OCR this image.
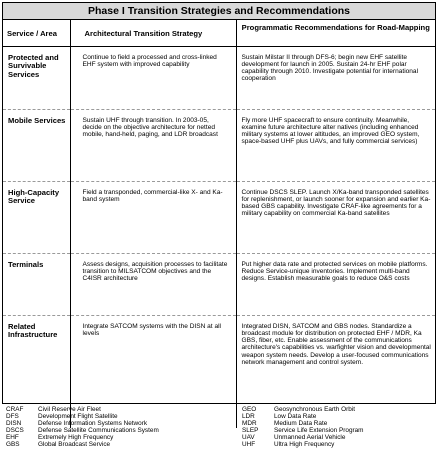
Phase I Transition Strategies and Recommendations
Service / Area	Architectural Transition Strategy	Programmatic Recommendations for Road-Mapping
Protected and Survivable Services	Continue to field a processed and cross-linked EHF system with improved capability	Sustain Milstar II through DFS-6; begin new EHF satellite development for launch in 2005. Sustain 24-hr EHF polar capability through 2010. Investigate potential for international cooperation
Mobile Services	Sustain UHF through transition. In 2003-05, decide on the objective architecture for netted mobile, hand-held, paging, and LDR broadcast	Fly more UHF spacecraft to ensure continuity. Meanwhile, examine future architecture alter natives (including enhanced military systems at lower altitudes, an improved GEO system, space-based UHF plus UAVs, and fully commercial services)
High-Capacity Service	Field a transponded, commercial-like X- and Ka-band system	Continue DSCS SLEP. Launch X/Ka-band transponded satellites for replenishment, or launch sooner for expansion and earlier Ka-based GBS capability. Investigate CRAF-like agreements for a military capability on commercial Ka-band satellites
Terminals	Assess designs, acquisition processes to facilitate transition to MILSATCOM objectives and the C4ISR architecture	Put higher data rate and protected services on mobile platforms. Reduce Service-unique inventories. Implement multi-band designs. Establish measurable goals to reduce O&S costs
Related Infrastructure	Integrate SATCOM systems with the DISN at all levels	Integrated DISN, SATCOM and GBS nodes. Standardize a broadcast module for distribution on protected EHF / MDR, Ka GBS, fiber, etc. Enable assessment of the communications architecture's capabilities vs. warfighter vision and developmental weapon system needs. Develop a user-focused communications network management and control system.
CRAF	Civil Reserve Air Fleet
DFS	Development Flight Satellite
DISN	Defense Information Systems Network
DSCS	Defense Satellite Communications System
EHF	Extremely High Frequency
GBS	Global Broadcast Service
GEO	Geosynchronous Earth Orbit
LDR	Low Data Rate
MDR	Medium Data Rate
SLEP	Service Life Extension Program
UAV	Unmanned Aerial Vehicle
UHF	Ultra High Frequency
